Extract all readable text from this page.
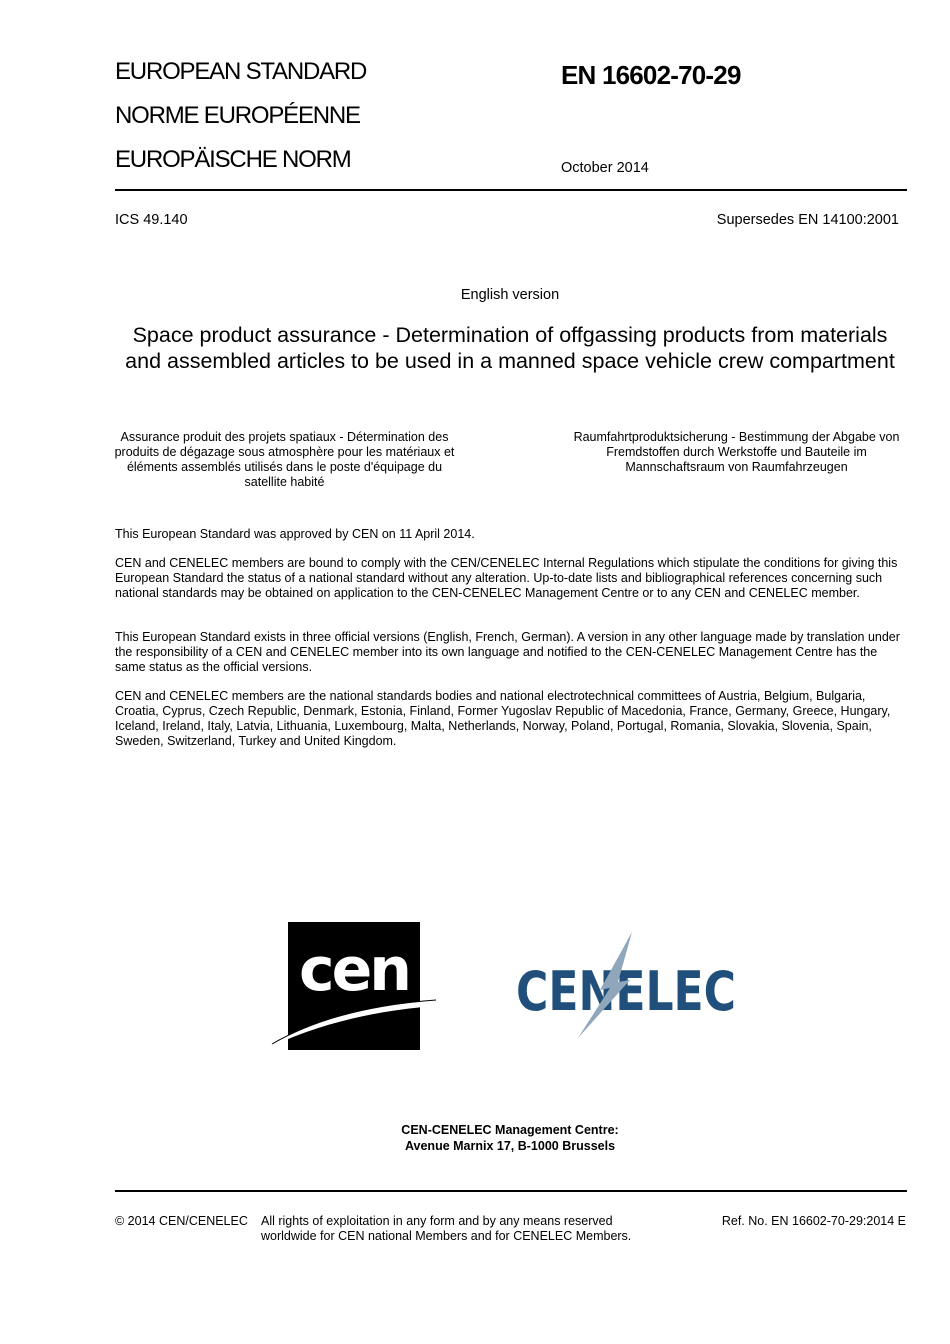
EUROPEAN STANDARD
NORME EUROPÉENNE
EUROPÄISCHE NORM
EN 16602-70-29
October 2014
ICS 49.140	Supersedes EN 14100:2001
English version
Space product assurance - Determination of offgassing products from materials and assembled articles to be used in a manned space vehicle crew compartment
Assurance produit des projets spatiaux - Détermination des produits de dégazage sous atmosphère pour les matériaux et éléments assemblés utilisés dans le poste d'équipage du satellite habité
Raumfahrtproduktsicherung - Bestimmung der Abgabe von Fremdstoffen durch Werkstoffe und Bauteile im Mannschaftsraum von Raumfahrzeugen
This European Standard was approved by CEN on 11 April 2014.
CEN and CENELEC members are bound to comply with the CEN/CENELEC Internal Regulations which stipulate the conditions for giving this European Standard the status of a national standard without any alteration. Up-to-date lists and bibliographical references concerning such national standards may be obtained on application to the CEN-CENELEC Management Centre or to any CEN and CENELEC member.
This European Standard exists in three official versions (English, French, German). A version in any other language made by translation under the responsibility of a CEN and CENELEC member into its own language and notified to the CEN-CENELEC Management Centre has the same status as the official versions.
CEN and CENELEC members are the national standards bodies and national electrotechnical committees of Austria, Belgium, Bulgaria, Croatia, Cyprus, Czech Republic, Denmark, Estonia, Finland, Former Yugoslav Republic of Macedonia, France, Germany, Greece, Hungary, Iceland, Ireland, Italy, Latvia, Lithuania, Luxembourg, Malta, Netherlands, Norway, Poland, Portugal, Romania, Slovakia, Slovenia, Spain, Sweden, Switzerland, Turkey and United Kingdom.
cen CENELEC
CEN-CENELEC Management Centre:
Avenue Marnix 17, B-1000 Brussels
© 2014 CEN/CENELEC All rights of exploitation in any form and by any means reserved worldwide for CEN national Members and for CENELEC Members.
Ref. No. EN 16602-70-29:2014 E
